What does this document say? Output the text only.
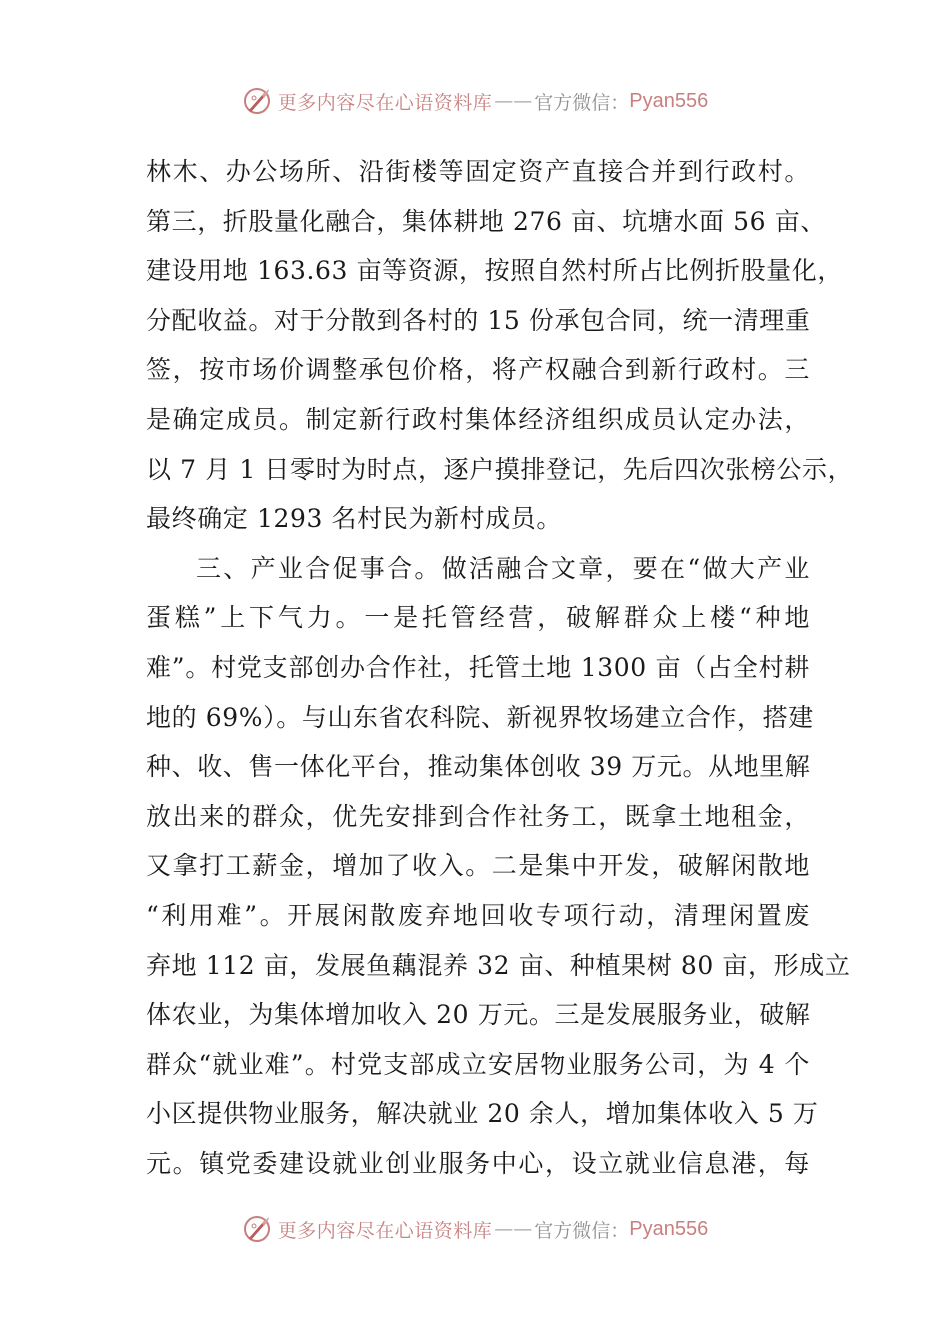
更多内容尽在心语资料库 —— 官方微信： Pyan556
林木、办公场所、沿街楼等固定资产直接合并到行政村。
第三，折股量化融合，集体耕地 276 亩、坑塘水面 56 亩、
建设用地 163.63 亩等资源，按照自然村所占比例折股量化，
分配收益。对于分散到各村的 15 份承包合同，统一清理重
签，按市场价调整承包价格，将产权融合到新行政村。三
是确定成员。制定新行政村集体经济组织成员认定办法，
以 7 月 1 日零时为时点，逐户摸排登记，先后四次张榜公示，
最终确定 1293 名村民为新村成员。
三、产业合促事合。做活融合文章，要在“做大产业
蛋糕”上下气力。一是托管经营，破解群众上楼“种地
难”。村党支部创办合作社，托管土地 1300 亩（占全村耕
地的 69%）。与山东省农科院、新视界牧场建立合作，搭建
种、收、售一体化平台，推动集体创收 39 万元。从地里解
放出来的群众，优先安排到合作社务工，既拿土地租金，
又拿打工薪金，增加了收入。二是集中开发，破解闲散地
“利用难”。开展闲散废弃地回收专项行动，清理闲置废
弃地 112 亩，发展鱼藕混养 32 亩、种植果树 80 亩，形成立
体农业，为集体增加收入 20 万元。三是发展服务业，破解
群众“就业难”。村党支部成立安居物业服务公司，为 4 个
小区提供物业服务，解决就业 20 余人，增加集体收入 5 万
元。镇党委建设就业创业服务中心，设立就业信息港，每
更多内容尽在心语资料库 —— 官方微信： Pyan556
